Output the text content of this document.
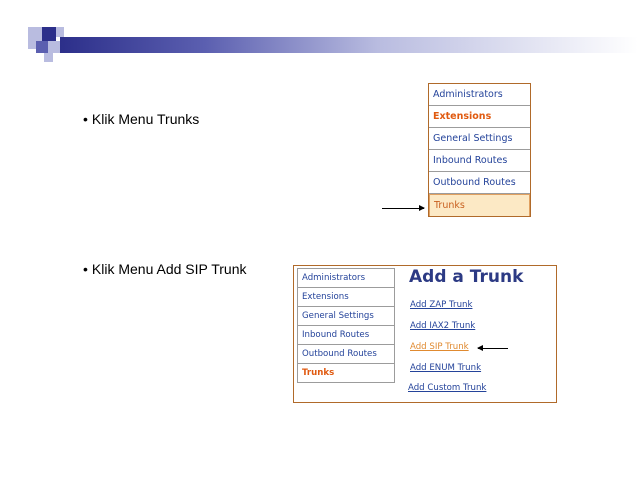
• Klik Menu Trunks
Administrators
Extensions
General Settings
Inbound Routes
Outbound Routes
Trunks
• Klik Menu Add SIP Trunk
Administrators
Extensions
General Settings
Inbound Routes
Outbound Routes
Trunks
Add a Trunk
Add ZAP Trunk
Add IAX2 Trunk
Add SIP Trunk
Add ENUM Trunk
Add Custom Trunk
